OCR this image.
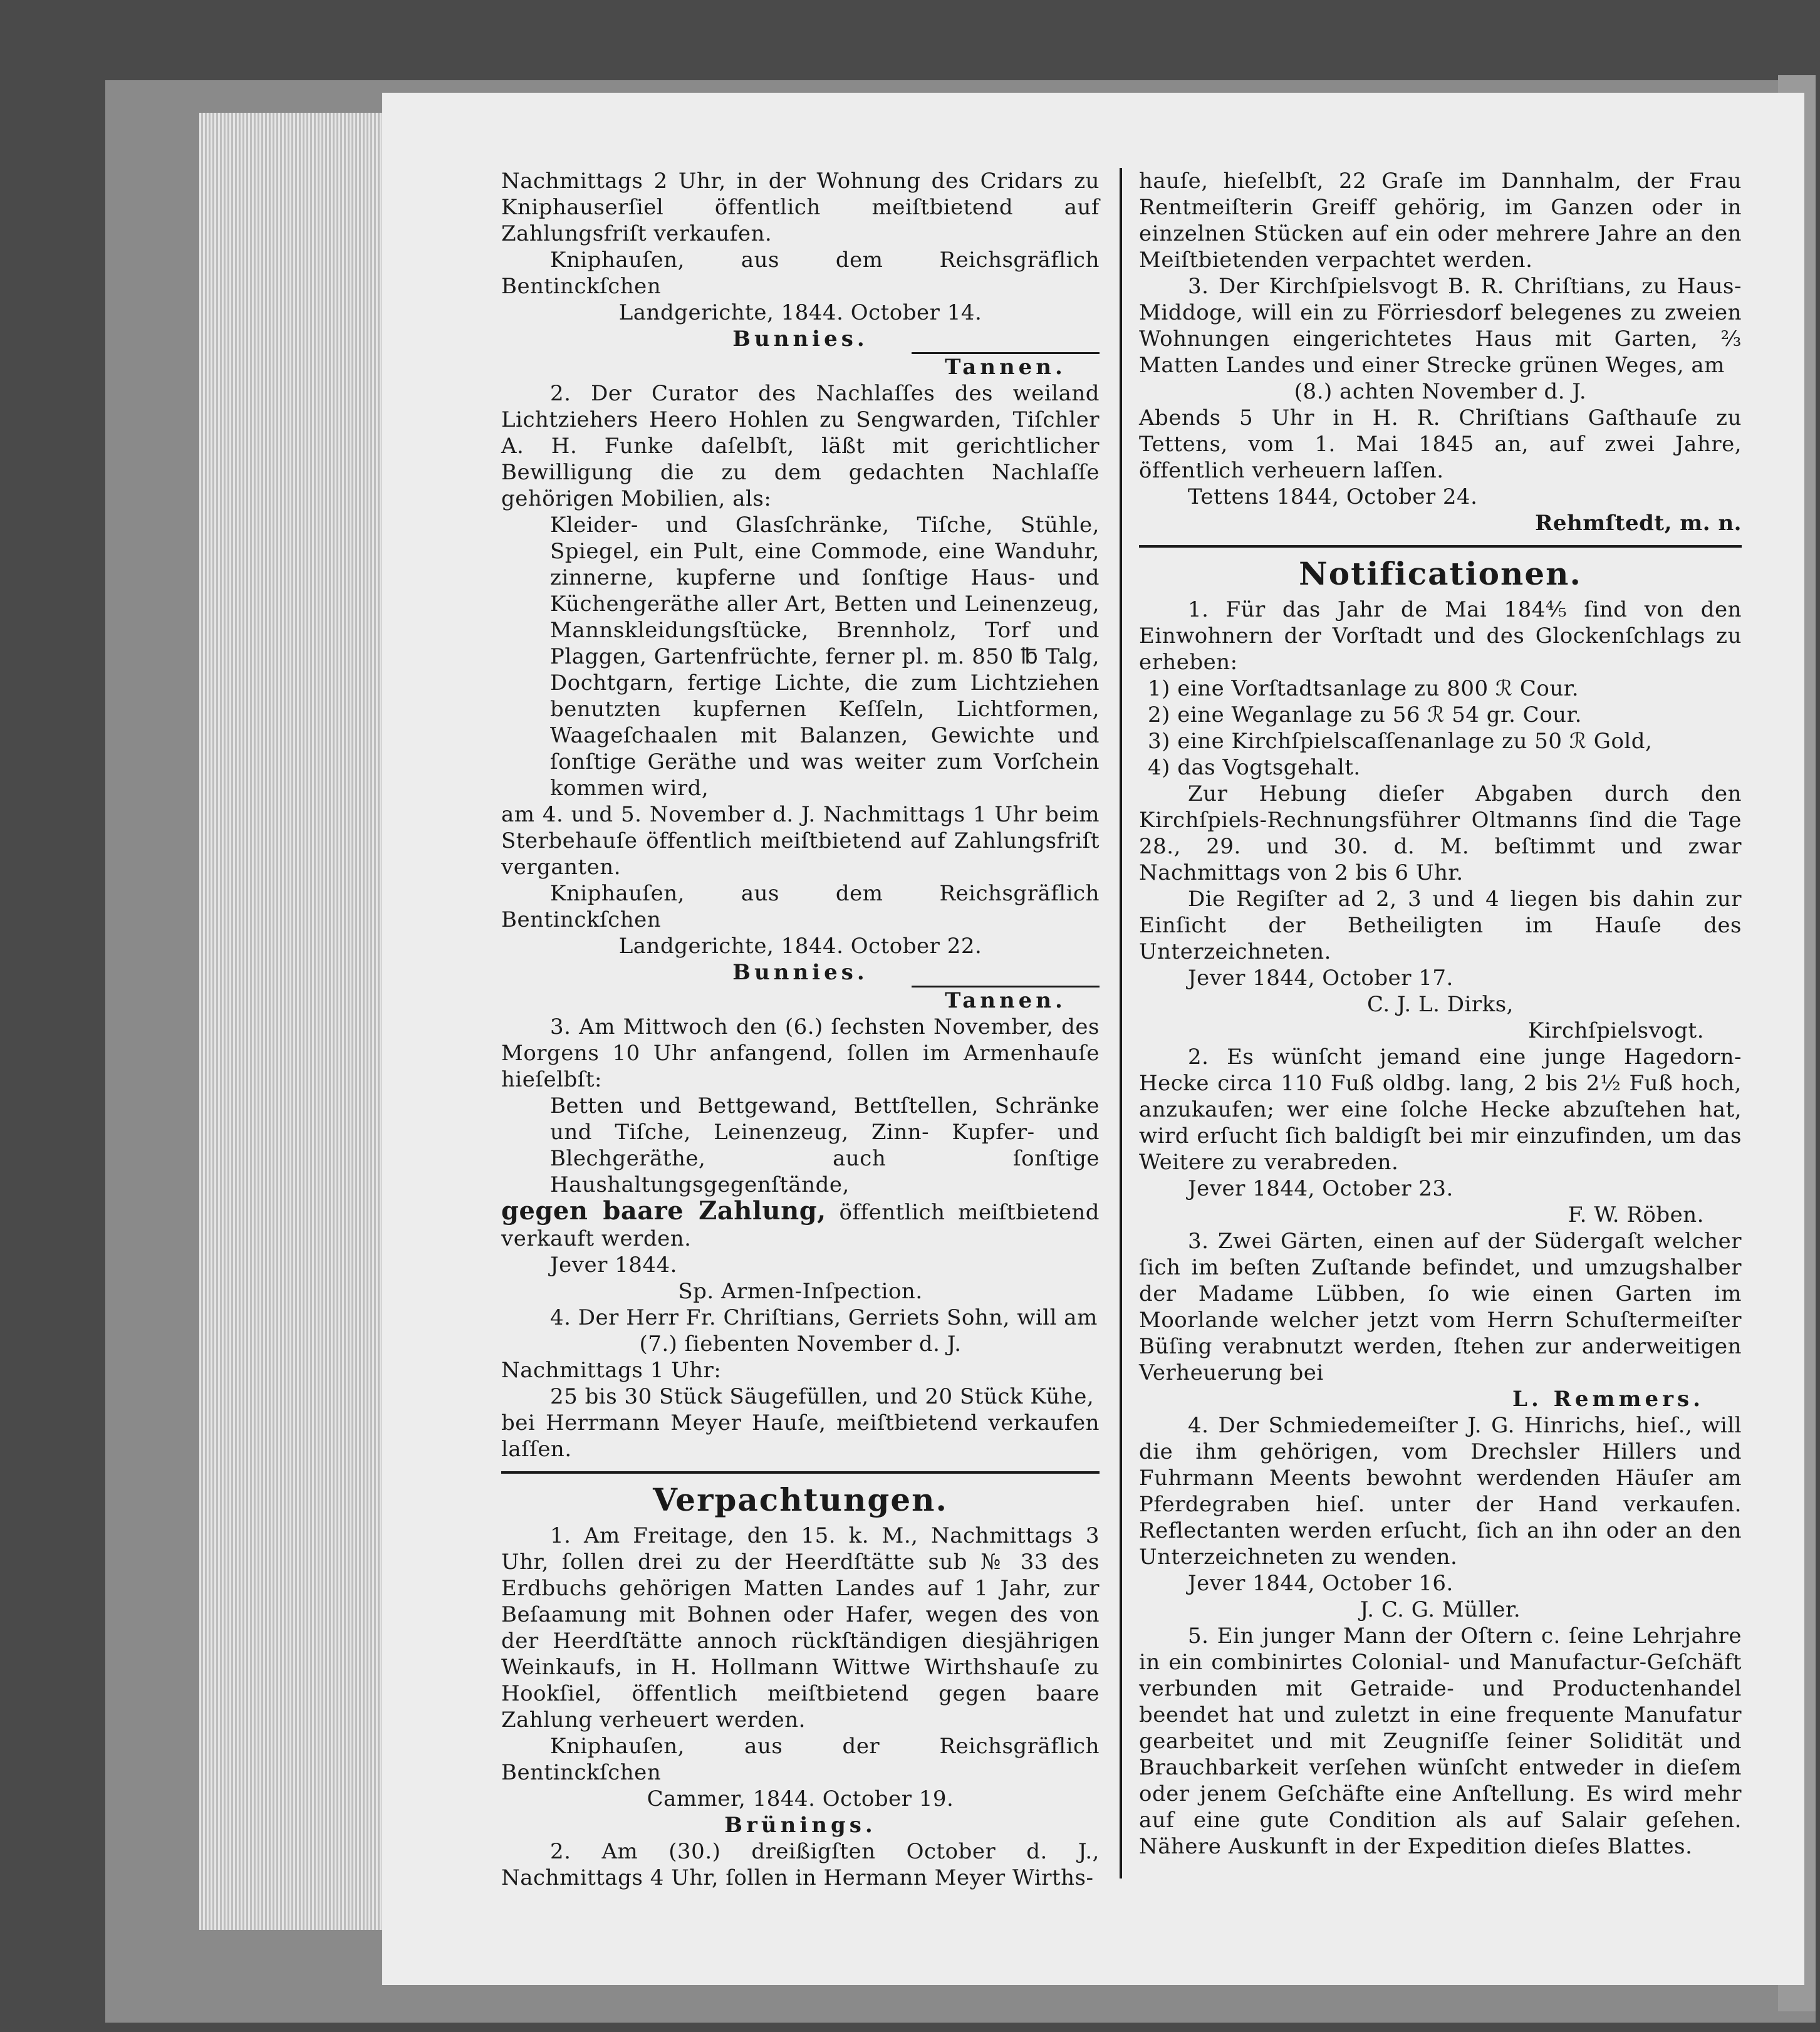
Nachmittags 2 Uhr, in der Wohnung des Cridars zu Kniphauserſiel öffentlich meiſtbietend auf Zahlungsfriſt verkaufen.

Kniphauſen, aus dem Reichsgräflich Bentinckſchen

Landgerichte, 1844. October 14.

Bunnies.
Tannen.

2. Der Curator des Nachlaſſes des weiland Lichtziehers Heero Hohlen zu Sengwarden, Tiſchler A. H. Funke daſelbſt, läßt mit gerichtlicher Bewilligung die zu dem gedachten Nachlaſſe gehörigen Mobilien, als:

Kleider- und Glasſchränke, Tiſche, Stühle, Spiegel, ein Pult, eine Commode, eine Wanduhr, zinnerne, kupferne und ſonſtige Haus- und Küchengeräthe aller Art, Betten und Leinenzeug, Mannskleidungsſtücke, Brennholz, Torf und Plaggen, Gartenfrüchte, ferner pl. m. 850 ℔ Talg, Dochtgarn, fertige Lichte, die zum Lichtziehen benutzten kupfernen Keſſeln, Lichtformen, Waageſchaalen mit Balanzen, Gewichte und ſonſtige Geräthe und was weiter zum Vorſchein kommen wird,

am 4. und 5. November d. J. Nachmittags 1 Uhr beim Sterbehauſe öffentlich meiſtbietend auf Zahlungsfriſt verganten.

Kniphauſen, aus dem Reichsgräflich Bentinckſchen

Landgerichte, 1844. October 22.

Bunnies.
Tannen.

3. Am Mittwoch den (6.) ſechsten November, des Morgens 10 Uhr anfangend, ſollen im Armenhauſe hieſelbſt:

Betten und Bettgewand, Bettſtellen, Schränke und Tiſche, Leinenzeug, Zinn- Kupfer- und Blechgeräthe, auch ſonſtige Haushaltungsgegenſtände,

gegen baare Zahlung, öffentlich meiſtbietend verkauft werden.

Jever 1844.

Sp. Armen-Inſpection.

4. Der Herr Fr. Chriſtians, Gerriets Sohn, will am

(7.) ſiebenten November d. J.

Nachmittags 1 Uhr:

25 bis 30 Stück Säugefüllen, und 20 Stück Kühe,

bei Herrmann Meyer Hauſe, meiſtbietend verkaufen laſſen.

Verpachtungen.

1. Am Freitage, den 15. k. M., Nachmittags 3 Uhr, ſollen drei zu der Heerdſtätte sub № 33 des Erdbuchs gehörigen Matten Landes auf 1 Jahr, zur Beſaamung mit Bohnen oder Hafer, wegen des von der Heerdſtätte annoch rückſtändigen diesjährigen Weinkaufs, in H. Hollmann Wittwe Wirthshauſe zu Hookſiel, öffentlich meiſtbietend gegen baare Zahlung verheuert werden.

Kniphauſen, aus der Reichsgräflich Bentinckſchen

Cammer, 1844. October 19.

Brünings.

2. Am (30.) dreißigſten October d. J., Nachmittags 4 Uhr, ſollen in Hermann Meyer Wirths-

hauſe, hieſelbſt, 22 Graſe im Dannhalm, der Frau Rentmeiſterin Greiff gehörig, im Ganzen oder in einzelnen Stücken auf ein oder mehrere Jahre an den Meiſtbietenden verpachtet werden.

3. Der Kirchſpielsvogt B. R. Chriſtians, zu Haus-Middoge, will ein zu Förriesdorf belegenes zu zweien Wohnungen eingerichtetes Haus mit Garten, ⅔ Matten Landes und einer Strecke grünen Weges, am

(8.) achten November d. J.

Abends 5 Uhr in H. R. Chriſtians Gaſthauſe zu Tettens, vom 1. Mai 1845 an, auf zwei Jahre, öffentlich verheuern laſſen.

Tettens 1844, October 24.

Rehmſtedt, m. n.

Notificationen.

1. Für das Jahr de Mai 184⁴⁄₅ ſind von den Einwohnern der Vorſtadt und des Glockenſchlags zu erheben:

1) eine Vorſtadtsanlage zu 800 ℛ Cour.

2) eine Weganlage zu 56 ℛ 54 gr. Cour.

3) eine Kirchſpielscaſſenanlage zu 50 ℛ Gold,

4) das Vogtsgehalt.

Zur Hebung dieſer Abgaben durch den Kirchſpiels-Rechnungsführer Oltmanns ſind die Tage 28., 29. und 30. d. M. beſtimmt und zwar Nachmittags von 2 bis 6 Uhr.

Die Regiſter ad 2, 3 und 4 liegen bis dahin zur Einſicht der Betheiligten im Hauſe des Unterzeichneten.

Jever 1844, October 17.

C. J. L. Dirks,

Kirchſpielsvogt.

2. Es wünſcht jemand eine junge Hagedorn-Hecke circa 110 Fuß oldbg. lang, 2 bis 2½ Fuß hoch, anzukaufen; wer eine ſolche Hecke abzuſtehen hat, wird erſucht ſich baldigſt bei mir einzufinden, um das Weitere zu verabreden.

Jever 1844, October 23.

F. W. Röben.

3. Zwei Gärten, einen auf der Südergaſt welcher ſich im beſten Zuſtande befindet, und umzugshalber der Madame Lübben, ſo wie einen Garten im Moorlande welcher jetzt vom Herrn Schuſtermeiſter Büſing verabnutzt werden, ſtehen zur anderweitigen Verheuerung bei

L. Remmers.

4. Der Schmiedemeiſter J. G. Hinrichs, hieſ., will die ihm gehörigen, vom Drechsler Hillers und Fuhrmann Meents bewohnt werdenden Häuſer am Pferdegraben hieſ. unter der Hand verkaufen. Reflectanten werden erſucht, ſich an ihn oder an den Unterzeichneten zu wenden.

Jever 1844, October 16.

J. C. G. Müller.

5. Ein junger Mann der Oſtern c. ſeine Lehrjahre in ein combinirtes Colonial- und Manufactur-Geſchäft verbunden mit Getraide- und Productenhandel beendet hat und zuletzt in eine frequente Manufatur gearbeitet und mit Zeugniſſe ſeiner Solidität und Brauchbarkeit verſehen wünſcht entweder in dieſem oder jenem Geſchäfte eine Anſtellung. Es wird mehr auf eine gute Condition als auf Salair geſehen. Nähere Auskunft in der Expedition dieſes Blattes.
